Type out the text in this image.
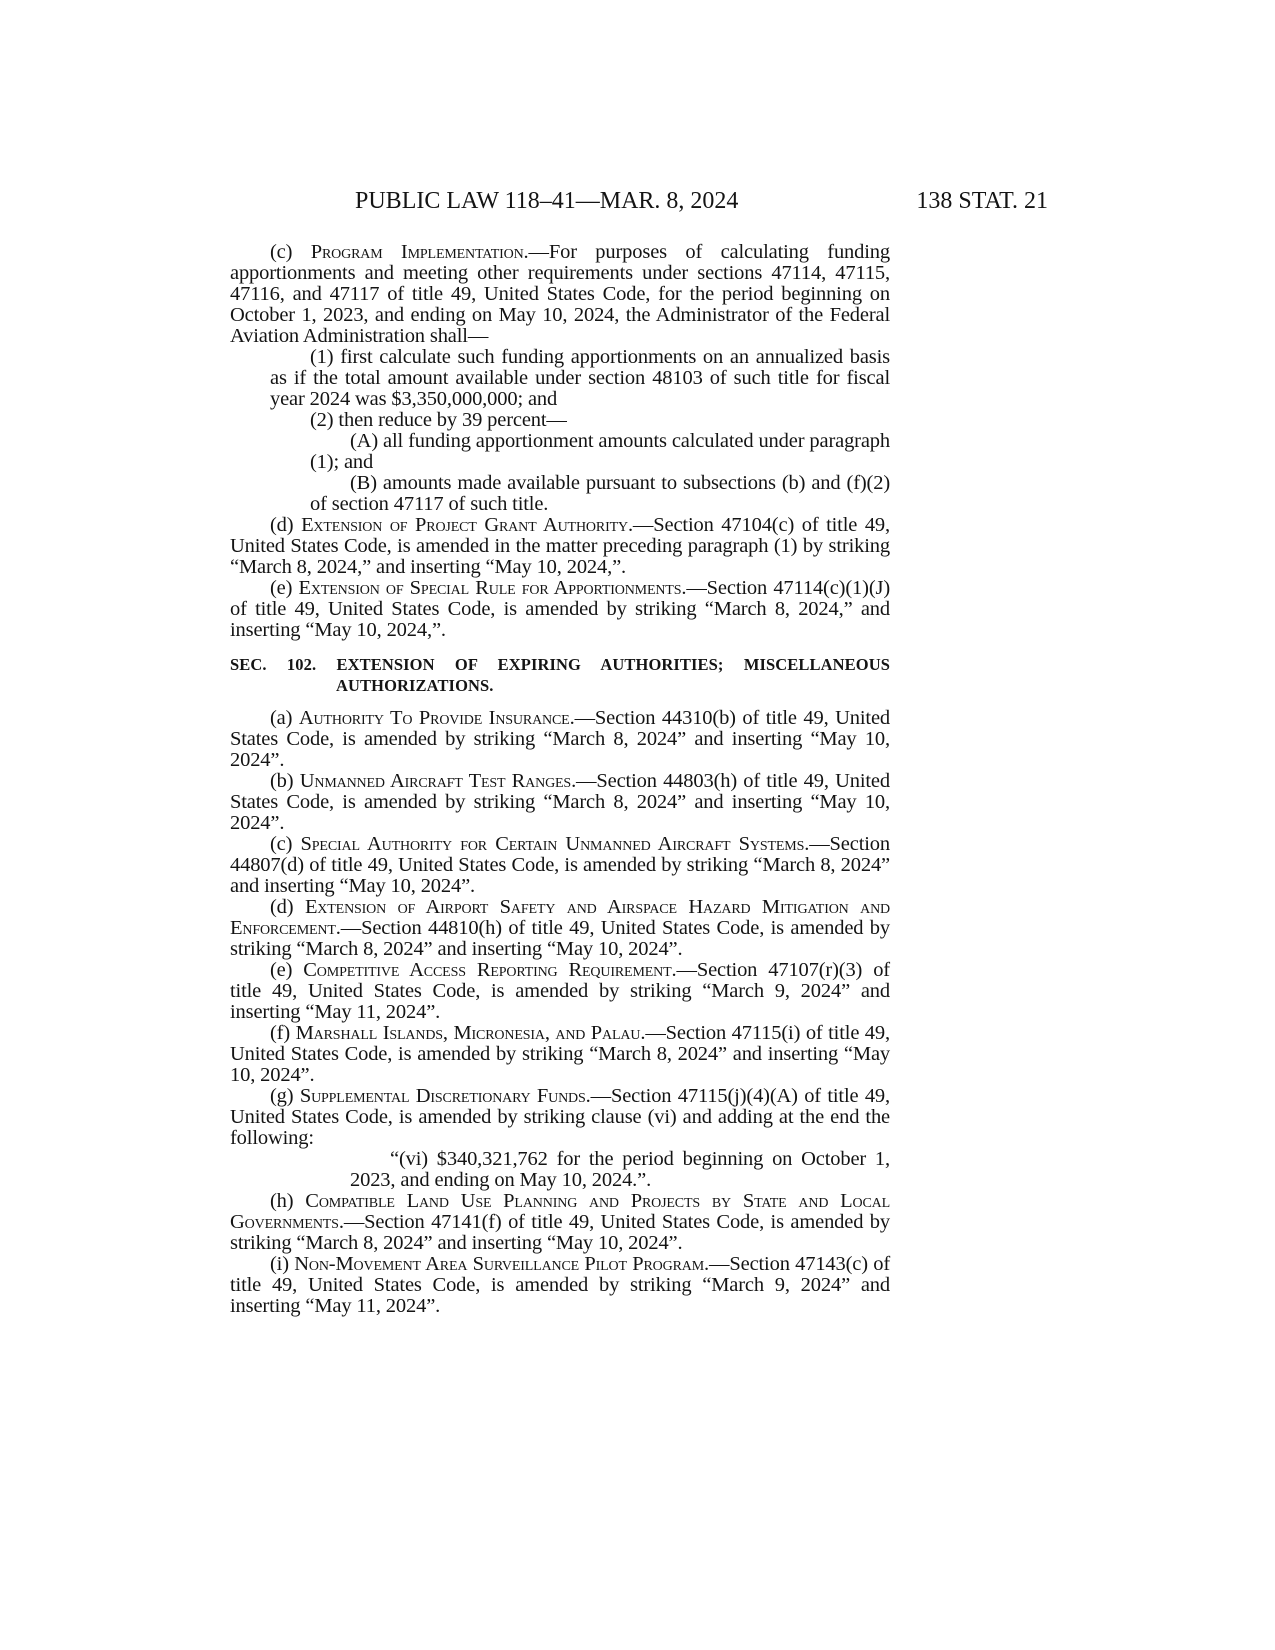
PUBLIC LAW 118–41—MAR. 8, 2024	138 STAT. 21

(c) Program Implementation.—For purposes of calculating funding apportionments and meeting other requirements under sections 47114, 47115, 47116, and 47117 of title 49, United States Code, for the period beginning on October 1, 2023, and ending on May 10, 2024, the Administrator of the Federal Aviation Administration shall—

(1) first calculate such funding apportionments on an annualized basis as if the total amount available under section 48103 of such title for fiscal year 2024 was $3,350,000,000; and

(2) then reduce by 39 percent—

(A) all funding apportionment amounts calculated under paragraph (1); and

(B) amounts made available pursuant to subsections (b) and (f)(2) of section 47117 of such title.

(d) Extension of Project Grant Authority.—Section 47104(c) of title 49, United States Code, is amended in the matter preceding paragraph (1) by striking “March 8, 2024,” and inserting “May 10, 2024,”.

(e) Extension of Special Rule for Apportionments.—Section 47114(c)(1)(J) of title 49, United States Code, is amended by striking “March 8, 2024,” and inserting “May 10, 2024,”.

SEC. 102. EXTENSION OF EXPIRING AUTHORITIES; MISCELLANEOUS AUTHORIZATIONS.

(a) Authority To Provide Insurance.—Section 44310(b) of title 49, United States Code, is amended by striking “March 8, 2024” and inserting “May 10, 2024”.

(b) Unmanned Aircraft Test Ranges.—Section 44803(h) of title 49, United States Code, is amended by striking “March 8, 2024” and inserting “May 10, 2024”.

(c) Special Authority for Certain Unmanned Aircraft Systems.—Section 44807(d) of title 49, United States Code, is amended by striking “March 8, 2024” and inserting “May 10, 2024”.

(d) Extension of Airport Safety and Airspace Hazard Mitigation and Enforcement.—Section 44810(h) of title 49, United States Code, is amended by striking “March 8, 2024” and inserting “May 10, 2024”.

(e) Competitive Access Reporting Requirement.—Section 47107(r)(3) of title 49, United States Code, is amended by striking “March 9, 2024” and inserting “May 11, 2024”.

(f) Marshall Islands, Micronesia, and Palau.—Section 47115(i) of title 49, United States Code, is amended by striking “March 8, 2024” and inserting “May 10, 2024”.

(g) Supplemental Discretionary Funds.—Section 47115(j)(4)(A) of title 49, United States Code, is amended by striking clause (vi) and adding at the end the following:

“(vi) $340,321,762 for the period beginning on October 1, 2023, and ending on May 10, 2024.”.

(h) Compatible Land Use Planning and Projects by State and Local Governments.—Section 47141(f) of title 49, United States Code, is amended by striking “March 8, 2024” and inserting “May 10, 2024”.

(i) Non-Movement Area Surveillance Pilot Program.—Section 47143(c) of title 49, United States Code, is amended by striking “March 9, 2024” and inserting “May 11, 2024”.
